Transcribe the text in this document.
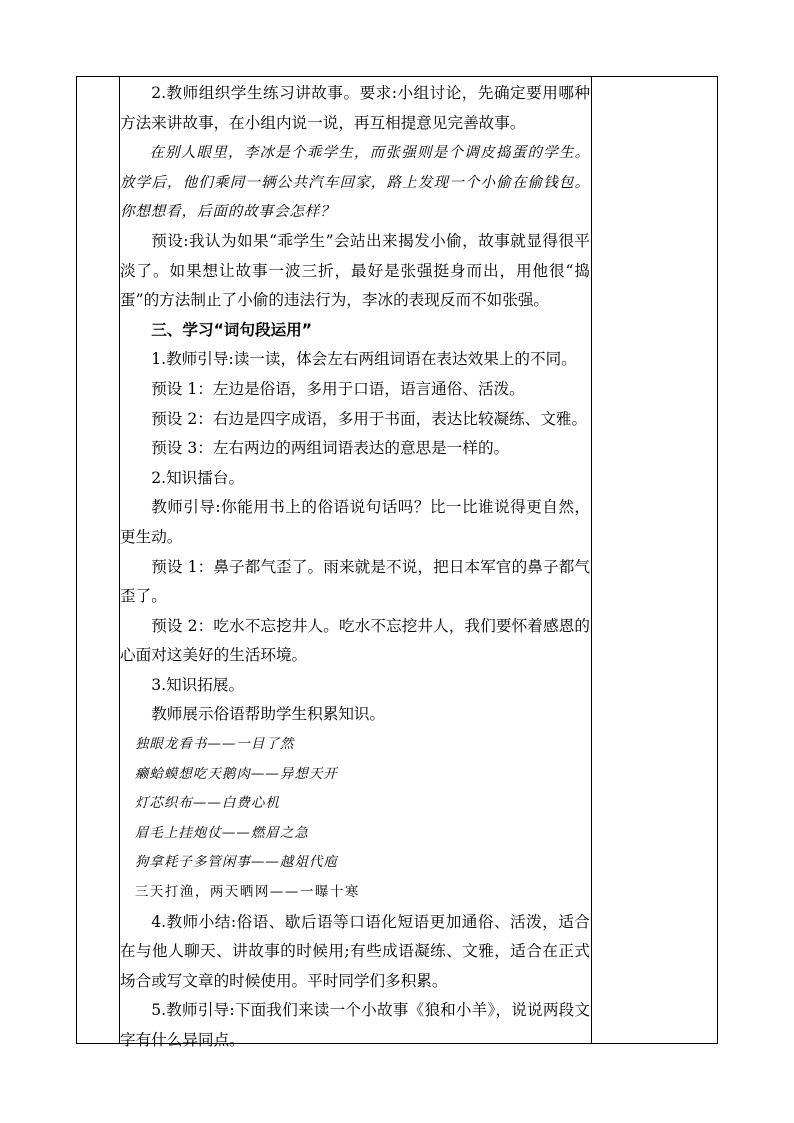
2.教师组织学生练习讲故事。要求:小组讨论，先确定要用哪种方法来讲故事，在小组内说一说，再互相提意见完善故事。

在别人眼里，李冰是个乖学生，而张强则是个调皮捣蛋的学生。放学后，他们乘同一辆公共汽车回家，路上发现一个小偷在偷钱包。你想想看，后面的故事会怎样？

预设:我认为如果“乖学生”会站出来揭发小偷，故事就显得很平淡了。如果想让故事一波三折，最好是张强挺身而出，用他很“捣蛋”的方法制止了小偷的违法行为，李冰的表现反而不如张强。

三、学习“词句段运用”

1.教师引导:读一读，体会左右两组词语在表达效果上的不同。

预设 1：左边是俗语，多用于口语，语言通俗、活泼。

预设 2：右边是四字成语，多用于书面，表达比较凝练、文雅。

预设 3：左右两边的两组词语表达的意思是一样的。

2.知识擂台。

教师引导:你能用书上的俗语说句话吗？比一比谁说得更自然，更生动。

预设 1：鼻子都气歪了。雨来就是不说，把日本军官的鼻子都气歪了。

预设 2：吃水不忘挖井人。吃水不忘挖井人，我们要怀着感恩的心面对这美好的生活环境。

3.知识拓展。

教师展示俗语帮助学生积累知识。

独眼龙看书——一目了然

癞蛤蟆想吃天鹅肉——异想天开

灯芯织布——白费心机

眉毛上挂炮仗——燃眉之急

狗拿耗子多管闲事——越俎代庖

三天打渔，两天晒网——一曝十寒

4.教师小结:俗语、歇后语等口语化短语更加通俗、活泼，适合在与他人聊天、讲故事的时候用;有些成语凝练、文雅，适合在正式场合或写文章的时候使用。平时同学们多积累。

5.教师引导:下面我们来读一个小故事《狼和小羊》，说说两段文字有什么异同点。
